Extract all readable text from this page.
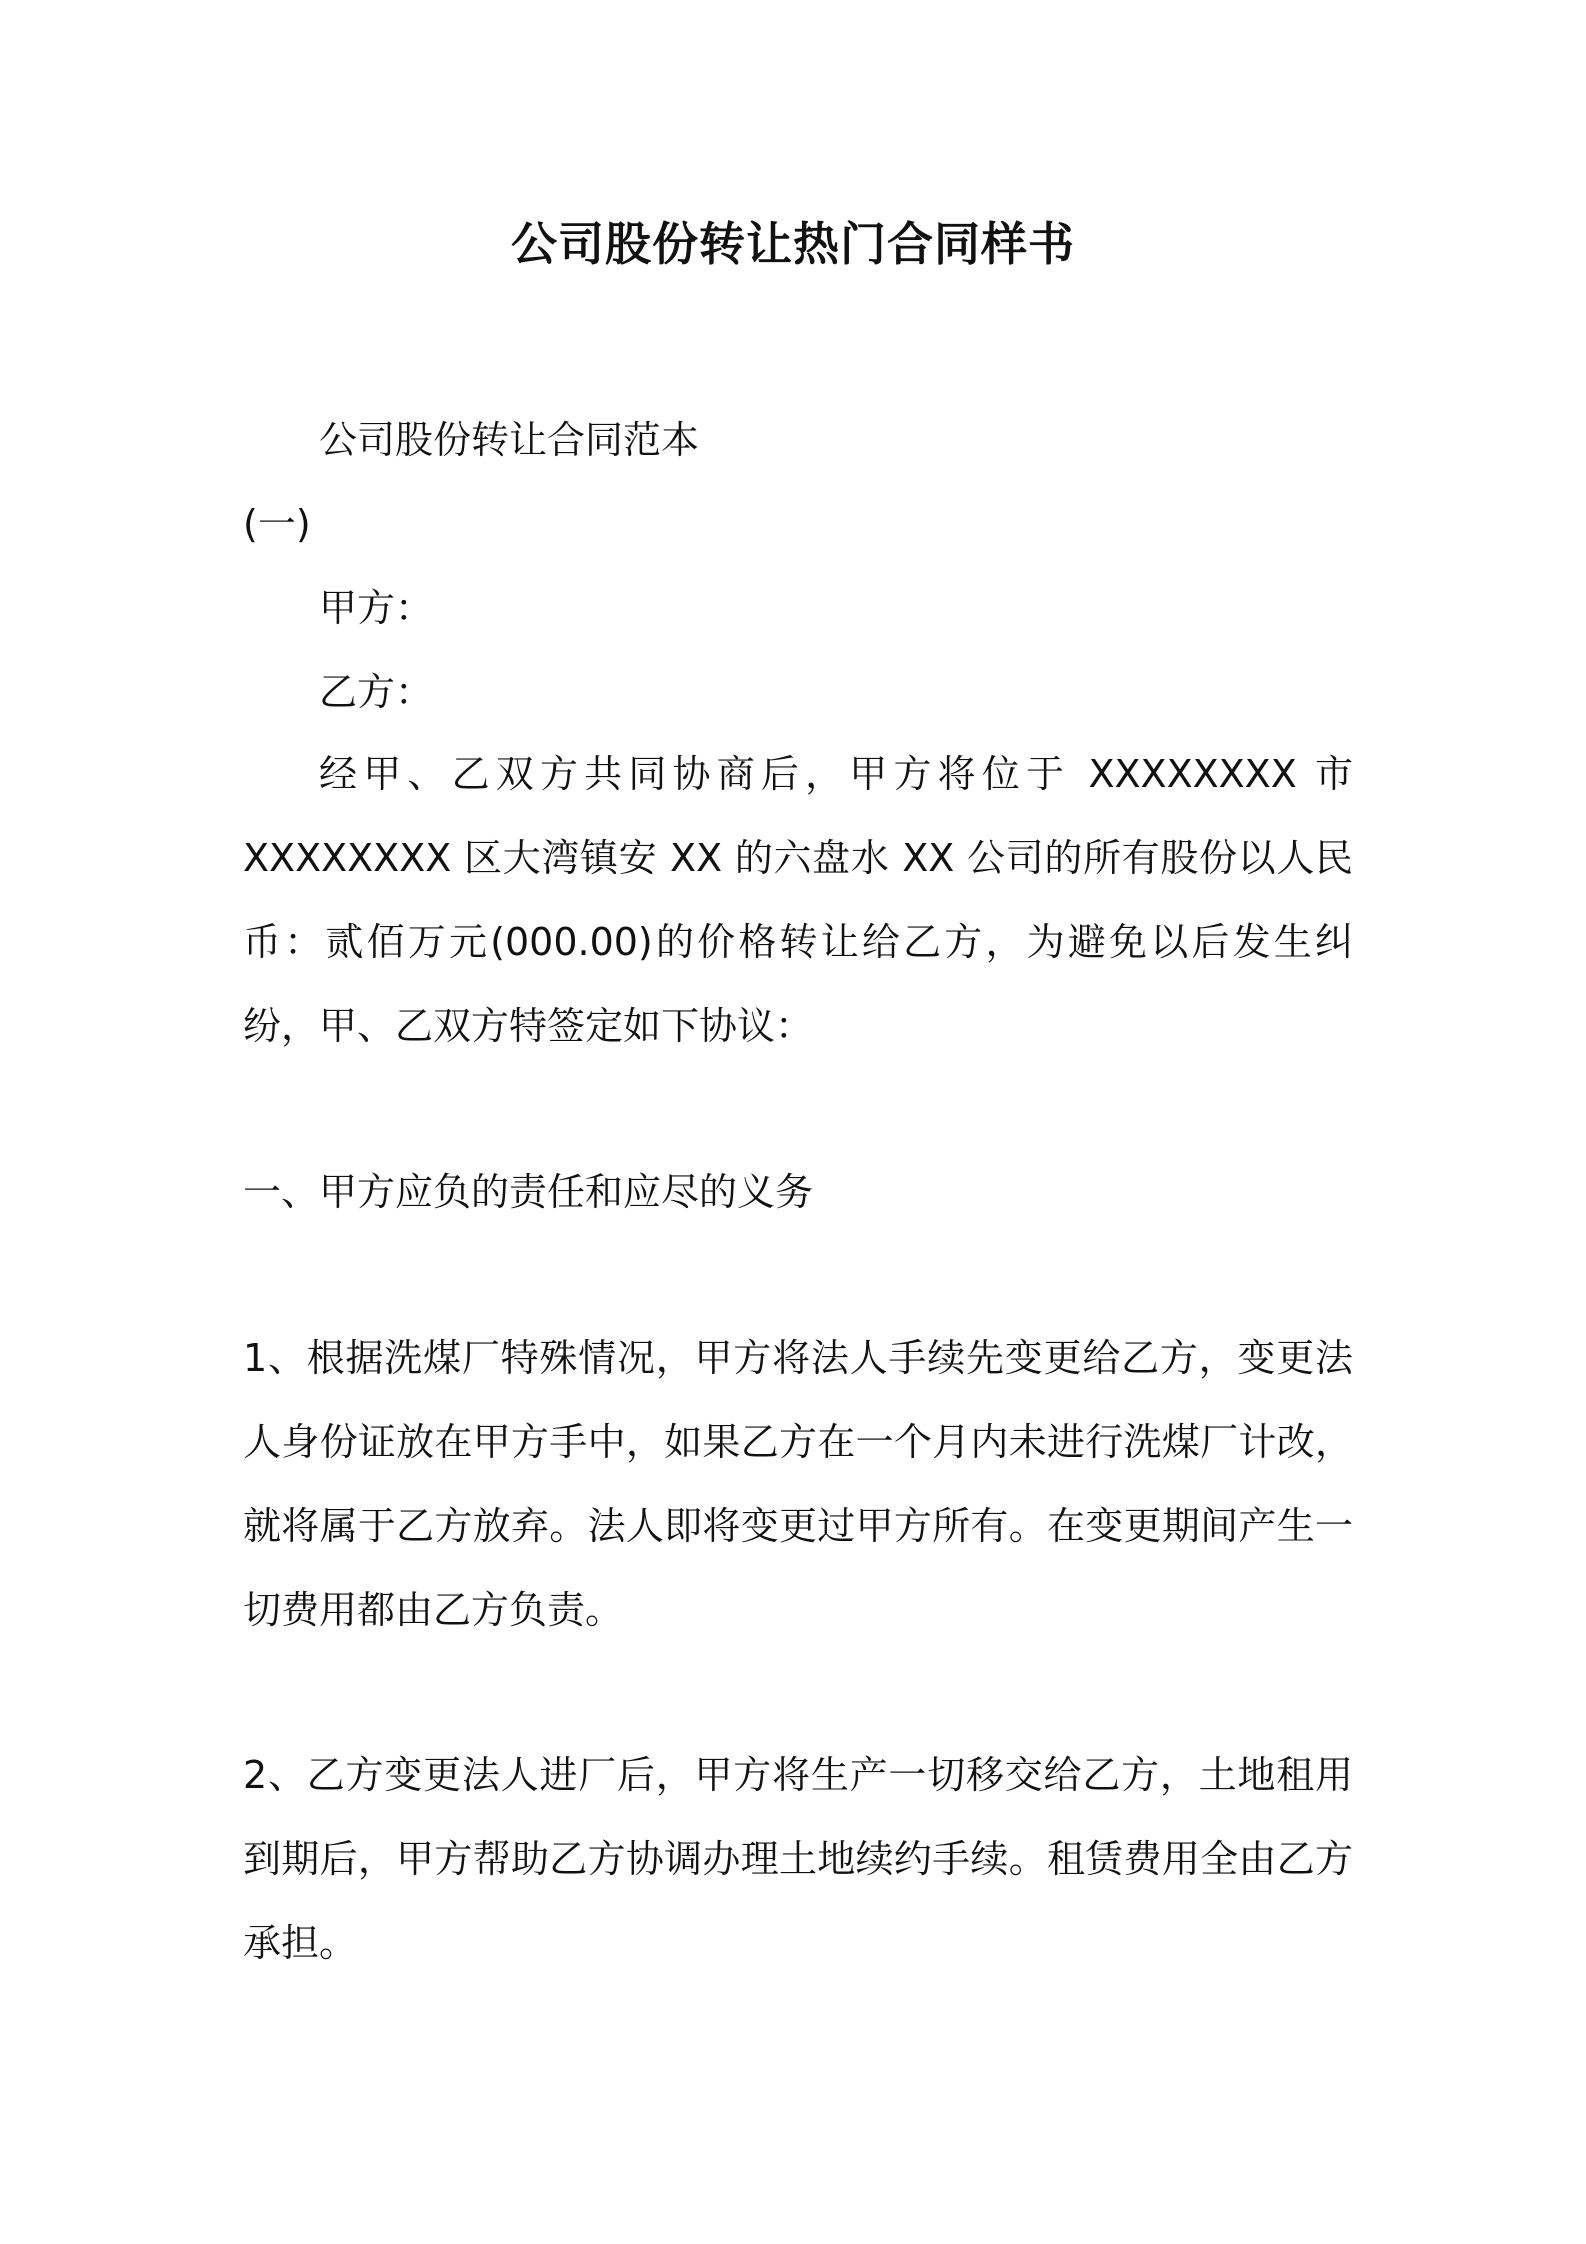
公司股份转让热门合同样书
公司股份转让合同范本
(一)
甲方：
乙方：
经甲、乙双方共同协商后，甲方将位于 XXXXXXXX 市 XXXXXXXX 区大湾镇安 XX 的六盘水 XX 公司的所有股份以人民币：贰佰万元(000.00)的价格转让给乙方，为避免以后发生纠纷，甲、乙双方特签定如下协议：
一、甲方应负的责任和应尽的义务
1、根据洗煤厂特殊情况，甲方将法人手续先变更给乙方，变更法人身份证放在甲方手中，如果乙方在一个月内未进行洗煤厂计改，就将属于乙方放弃。法人即将变更过甲方所有。在变更期间产生一切费用都由乙方负责。
2、乙方变更法人进厂后，甲方将生产一切移交给乙方，土地租用到期后，甲方帮助乙方协调办理土地续约手续。租赁费用全由乙方承担。
